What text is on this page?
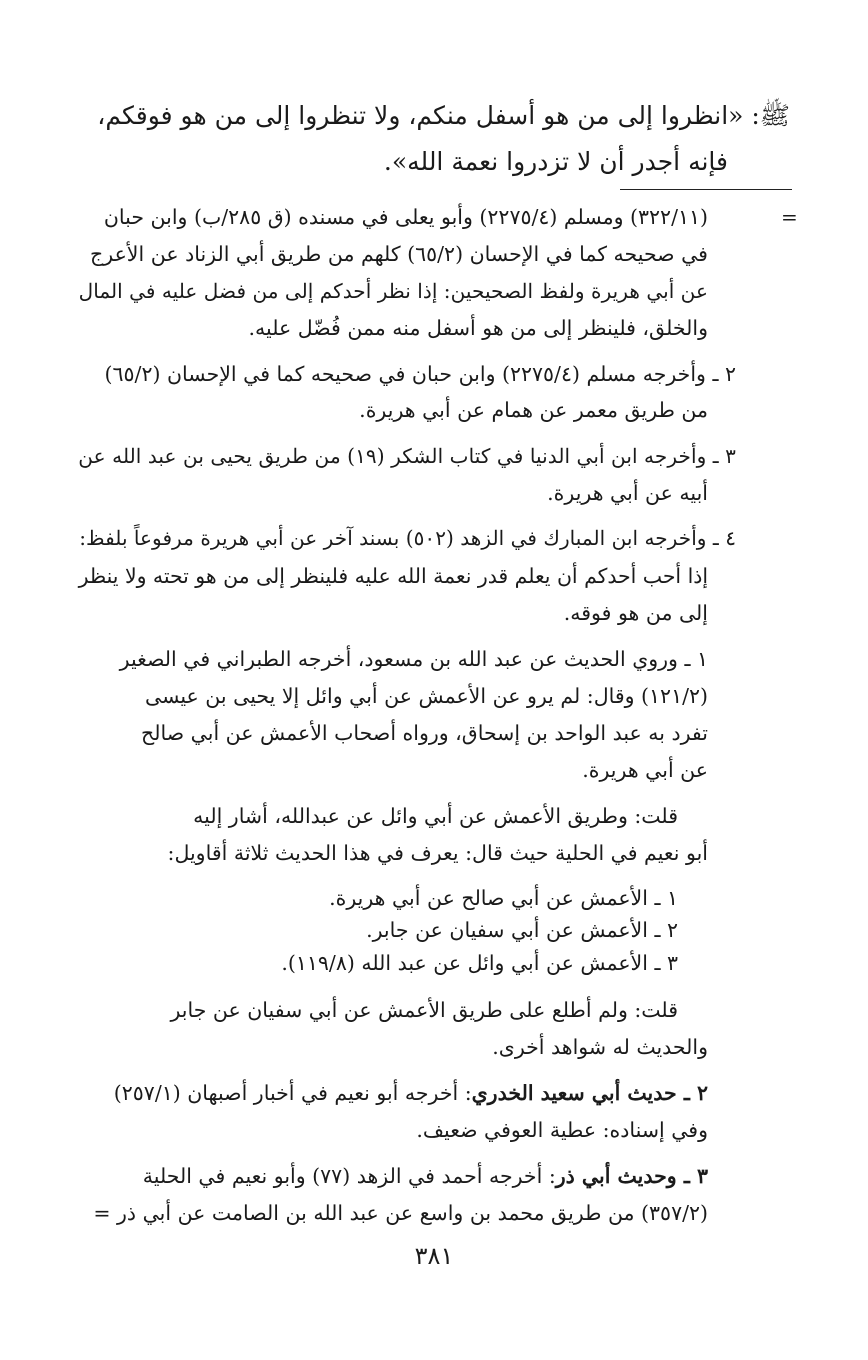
ﷺ: «انظروا إلى من هو أسفل منكم، ولا تنظروا إلى من هو فوقكم،
فإنه أجدر أن لا تزدروا نعمة الله».
=
(٣٢٢/١١) ومسلم (٢٢٧٥/٤) وأبو يعلى في مسنده (ق ٢٨٥/ب) وابن حبان
في صحيحه كما في الإحسان (٦٥/٢) كلهم من طريق أبي الزناد عن الأعرج
عن أبي هريرة ولفظ الصحيحين: إذا نظر أحدكم إلى من فضل عليه في المال
والخلق، فلينظر إلى من هو أسفل منه ممن فُضّل عليه.
٢ ـ وأخرجه مسلم (٢٢٧٥/٤) وابن حبان في صحيحه كما في الإحسان (٦٥/٢)
من طريق معمر عن همام عن أبي هريرة.
٣ ـ وأخرجه ابن أبي الدنيا في كتاب الشكر (١٩) من طريق يحيى بن عبد الله عن
أبيه عن أبي هريرة.
٤ ـ وأخرجه ابن المبارك في الزهد (٥٠٢) بسند آخر عن أبي هريرة مرفوعاً بلفظ:
إذا أحب أحدكم أن يعلم قدر نعمة الله عليه فلينظر إلى من هو تحته ولا ينظر
إلى من هو فوقه.
١ ـ وروي الحديث عن عبد الله بن مسعود، أخرجه الطبراني في الصغير
(١٢١/٢) وقال: لم يرو عن الأعمش عن أبي وائل إلا يحيى بن عيسى
تفرد به عبد الواحد بن إسحاق، ورواه أصحاب الأعمش عن أبي صالح
عن أبي هريرة.
قلت: وطريق الأعمش عن أبي وائل عن عبدالله، أشار إليه
أبو نعيم في الحلية حيث قال: يعرف في هذا الحديث ثلاثة أقاويل:
١ ـ الأعمش عن أبي صالح عن أبي هريرة.
٢ ـ الأعمش عن أبي سفيان عن جابر.
٣ ـ الأعمش عن أبي وائل عن عبد الله (١١٩/٨).
قلت: ولم أطلع على طريق الأعمش عن أبي سفيان عن جابر
والحديث له شواهد أخرى.
٢ ـ حديث أبي سعيد الخدري: أخرجه أبو نعيم في أخبار أصبهان (٢٥٧/١)
وفي إسناده: عطية العوفي ضعيف.
٣ ـ وحديث أبي ذر: أخرجه أحمد في الزهد (٧٧) وأبو نعيم في الحلية
(٣٥٧/٢) من طريق محمد بن واسع عن عبد الله بن الصامت عن أبي ذر =
٣٨١
